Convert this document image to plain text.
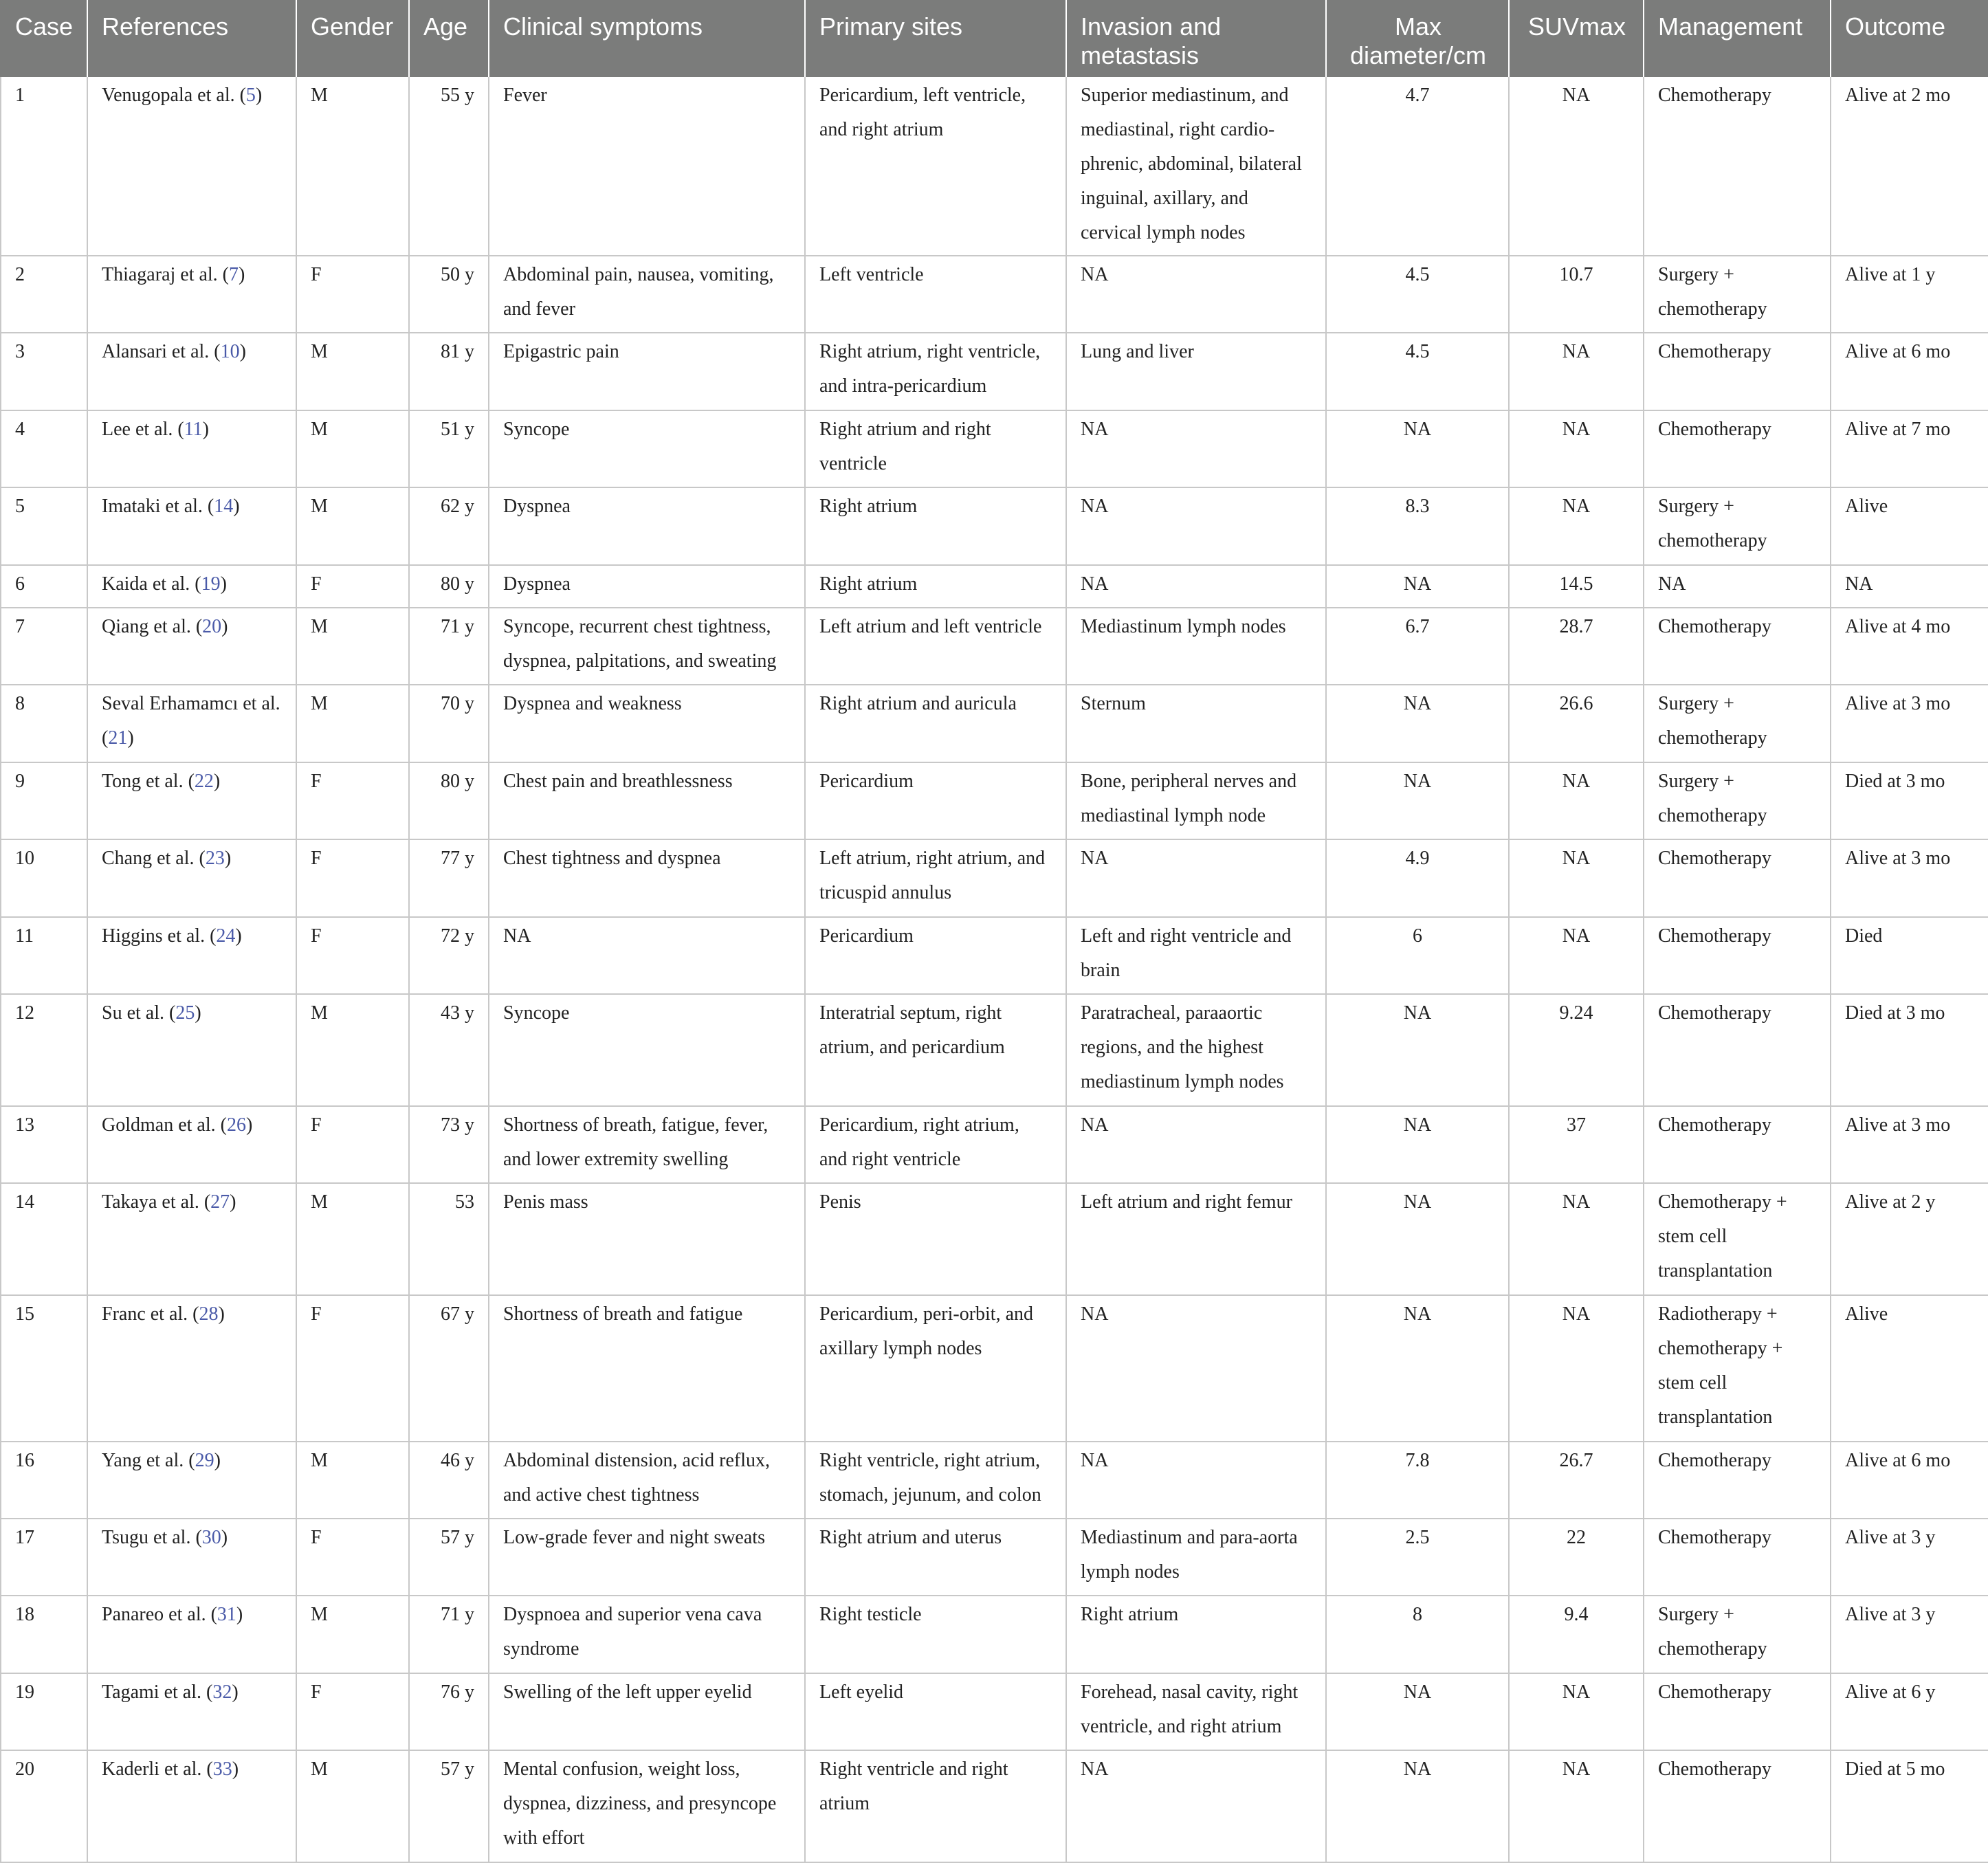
Case	References	Gender	Age	Clinical symptoms	Primary sites	Invasion and metastasis	Max diameter/cm	SUVmax	Management	Outcome
1	Venugopala et al. (5)	M	55 y	Fever	Pericardium, left ventricle, and right atrium	Superior mediastinum, and mediastinal, right cardio-phrenic, abdominal, bilateral inguinal, axillary, and cervical lymph nodes	4.7	NA	Chemotherapy	Alive at 2 mo
2	Thiagaraj et al. (7)	F	50 y	Abdominal pain, nausea, vomiting, and fever	Left ventricle	NA	4.5	10.7	Surgery + chemotherapy	Alive at 1 y
3	Alansari et al. (10)	M	81 y	Epigastric pain	Right atrium, right ventricle, and intra-pericardium	Lung and liver	4.5	NA	Chemotherapy	Alive at 6 mo
4	Lee et al. (11)	M	51 y	Syncope	Right atrium and right ventricle	NA	NA	NA	Chemotherapy	Alive at 7 mo
5	Imataki et al. (14)	M	62 y	Dyspnea	Right atrium	NA	8.3	NA	Surgery + chemotherapy	Alive
6	Kaida et al. (19)	F	80 y	Dyspnea	Right atrium	NA	NA	14.5	NA	NA
7	Qiang et al. (20)	M	71 y	Syncope, recurrent chest tightness, dyspnea, palpitations, and sweating	Left atrium and left ventricle	Mediastinum lymph nodes	6.7	28.7	Chemotherapy	Alive at 4 mo
8	Seval Erhamamcı et al. (21)	M	70 y	Dyspnea and weakness	Right atrium and auricula	Sternum	NA	26.6	Surgery + chemotherapy	Alive at 3 mo
9	Tong et al. (22)	F	80 y	Chest pain and breathlessness	Pericardium	Bone, peripheral nerves and mediastinal lymph node	NA	NA	Surgery + chemotherapy	Died at 3 mo
10	Chang et al. (23)	F	77 y	Chest tightness and dyspnea	Left atrium, right atrium, and tricuspid annulus	NA	4.9	NA	Chemotherapy	Alive at 3 mo
11	Higgins et al. (24)	F	72 y	NA	Pericardium	Left and right ventricle and brain	6	NA	Chemotherapy	Died
12	Su et al. (25)	M	43 y	Syncope	Interatrial septum, right atrium, and pericardium	Paratracheal, paraaortic regions, and the highest mediastinum lymph nodes	NA	9.24	Chemotherapy	Died at 3 mo
13	Goldman et al. (26)	F	73 y	Shortness of breath, fatigue, fever, and lower extremity swelling	Pericardium, right atrium, and right ventricle	NA	NA	37	Chemotherapy	Alive at 3 mo
14	Takaya et al. (27)	M	53	Penis mass	Penis	Left atrium and right femur	NA	NA	Chemotherapy + stem cell transplantation	Alive at 2 y
15	Franc et al. (28)	F	67 y	Shortness of breath and fatigue	Pericardium, peri-orbit, and axillary lymph nodes	NA	NA	NA	Radiotherapy + chemotherapy + stem cell transplantation	Alive
16	Yang et al. (29)	M	46 y	Abdominal distension, acid reflux, and active chest tightness	Right ventricle, right atrium, stomach, jejunum, and colon	NA	7.8	26.7	Chemotherapy	Alive at 6 mo
17	Tsugu et al. (30)	F	57 y	Low-grade fever and night sweats	Right atrium and uterus	Mediastinum and para-aorta lymph nodes	2.5	22	Chemotherapy	Alive at 3 y
18	Panareo et al. (31)	M	71 y	Dyspnoea and superior vena cava syndrome	Right testicle	Right atrium	8	9.4	Surgery + chemotherapy	Alive at 3 y
19	Tagami et al. (32)	F	76 y	Swelling of the left upper eyelid	Left eyelid	Forehead, nasal cavity, right ventricle, and right atrium	NA	NA	Chemotherapy	Alive at 6 y
20	Kaderli et al. (33)	M	57 y	Mental confusion, weight loss, dyspnea, dizziness, and presyncope with effort	Right ventricle and right atrium	NA	NA	NA	Chemotherapy	Died at 5 mo
